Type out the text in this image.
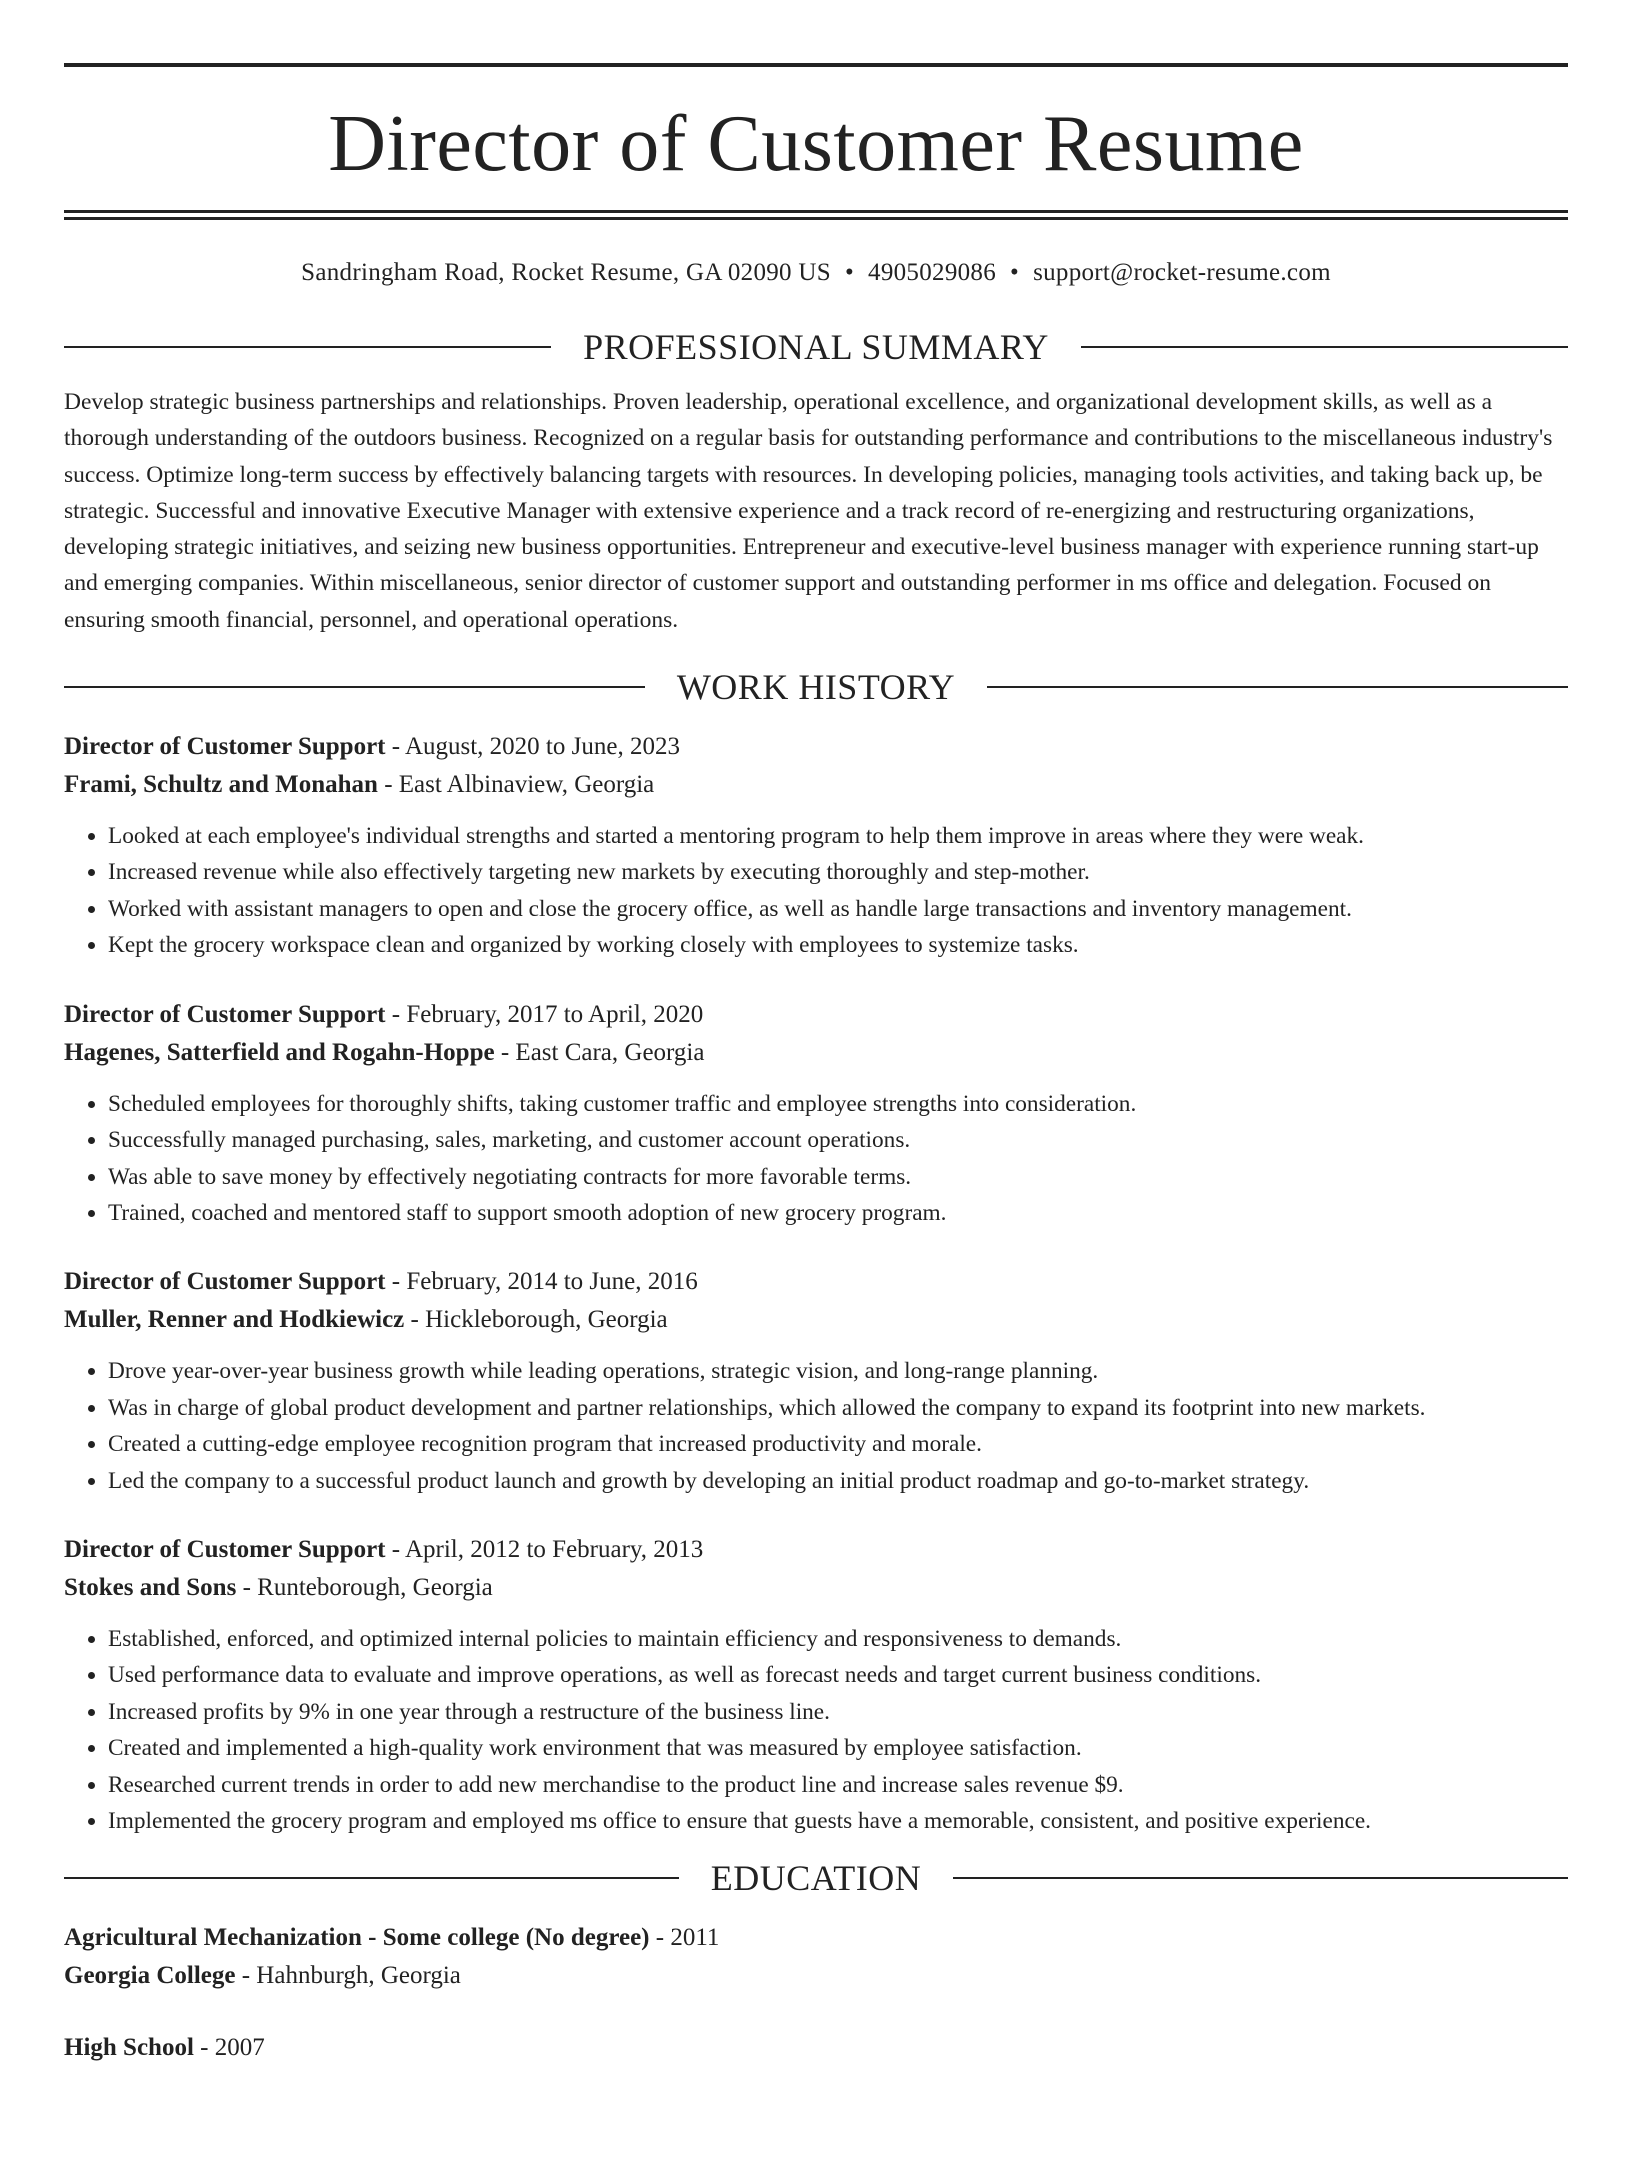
Director of Customer Resume
Sandringham Road, Rocket Resume, GA 02090 US • 4905029086 • support@rocket-resume.com
PROFESSIONAL SUMMARY

Develop strategic business partnerships and relationships. Proven leadership, operational excellence, and organizational development skills, as well as a thorough understanding of the outdoors business. Recognized on a regular basis for outstanding performance and contributions to the miscellaneous industry's success. Optimize long-term success by effectively balancing targets with resources. In developing policies, managing tools activities, and taking back up, be strategic. Successful and innovative Executive Manager with extensive experience and a track record of re-energizing and restructuring organizations, developing strategic initiatives, and seizing new business opportunities. Entrepreneur and executive-level business manager with experience running start-up and emerging companies. Within miscellaneous, senior director of customer support and outstanding performer in ms office and delegation. Focused on ensuring smooth financial, personnel, and operational operations.

WORK HISTORY
Director of Customer Support - August, 2020 to June, 2023
Frami, Schultz and Monahan - East Albinaview, Georgia
• Looked at each employee's individual strengths and started a mentoring program to help them improve in areas where they were weak.
• Increased revenue while also effectively targeting new markets by executing thoroughly and step-mother.
• Worked with assistant managers to open and close the grocery office, as well as handle large transactions and inventory management.
• Kept the grocery workspace clean and organized by working closely with employees to systemize tasks.
Director of Customer Support - February, 2017 to April, 2020
Hagenes, Satterfield and Rogahn-Hoppe - East Cara, Georgia
• Scheduled employees for thoroughly shifts, taking customer traffic and employee strengths into consideration.
• Successfully managed purchasing, sales, marketing, and customer account operations.
• Was able to save money by effectively negotiating contracts for more favorable terms.
• Trained, coached and mentored staff to support smooth adoption of new grocery program.
Director of Customer Support - February, 2014 to June, 2016
Muller, Renner and Hodkiewicz - Hickleborough, Georgia
• Drove year-over-year business growth while leading operations, strategic vision, and long-range planning.
• Was in charge of global product development and partner relationships, which allowed the company to expand its footprint into new markets.
• Created a cutting-edge employee recognition program that increased productivity and morale.
• Led the company to a successful product launch and growth by developing an initial product roadmap and go-to-market strategy.
Director of Customer Support - April, 2012 to February, 2013
Stokes and Sons - Runteborough, Georgia
• Established, enforced, and optimized internal policies to maintain efficiency and responsiveness to demands.
• Used performance data to evaluate and improve operations, as well as forecast needs and target current business conditions.
• Increased profits by 9% in one year through a restructure of the business line.
• Created and implemented a high-quality work environment that was measured by employee satisfaction.
• Researched current trends in order to add new merchandise to the product line and increase sales revenue $9.
• Implemented the grocery program and employed ms office to ensure that guests have a memorable, consistent, and positive experience.
EDUCATION
Agricultural Mechanization - Some college (No degree) - 2011
Georgia College - Hahnburgh, Georgia
High School - 2007
